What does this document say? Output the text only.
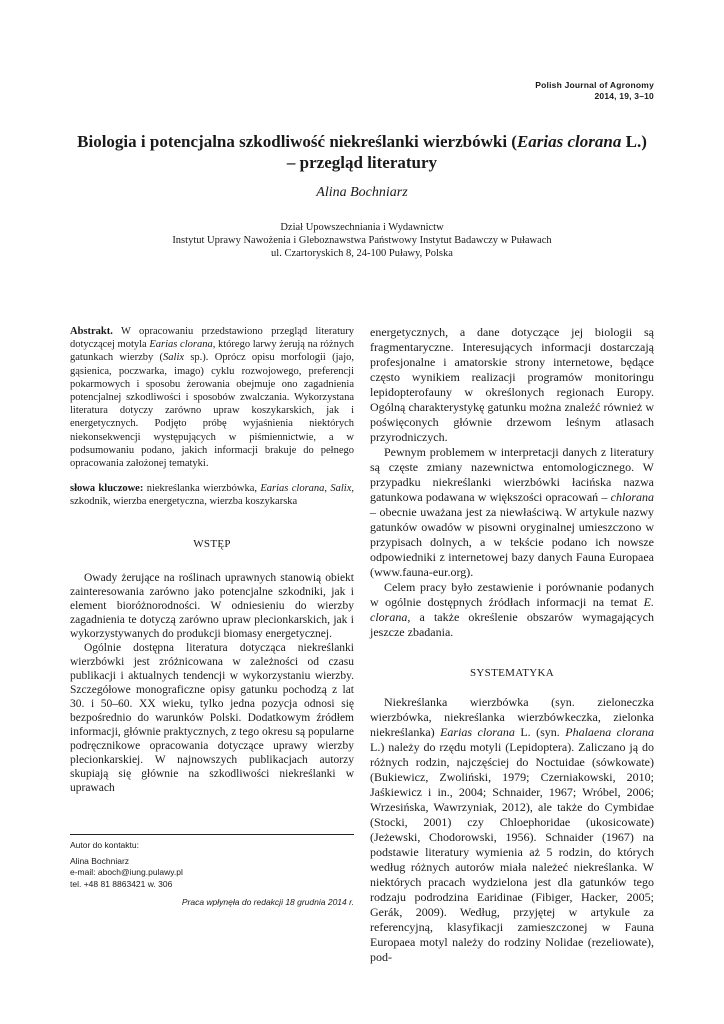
Polish Journal of Agronomy
2014, 19, 3–10
Biologia i potencjalna szkodliwość niekreślanki wierzbówki (Earias clorana L.)
– przegląd literatury
Alina Bochniarz
Dział Upowszechniania i Wydawnictw
Instytut Uprawy Nawożenia i Gleboznawstwa Państwowy Instytut Badawczy w Puławach
ul. Czartoryskich 8, 24-100 Puławy, Polska

Abstrakt. W opracowaniu przedstawiono przegląd literatury dotyczącej motyla Earias clorana, którego larwy żerują na różnych gatunkach wierzby (Salix sp.). Oprócz opisu morfologii (jajo, gąsienica, poczwarka, imago) cyklu rozwojowego, preferencji pokarmowych i sposobu żerowania obejmuje ono zagadnienia potencjalnej szkodliwości i sposobów zwalczania. Wykorzystana literatura dotyczy zarówno upraw koszykarskich, jak i energetycznych. Podjęto próbę wyjaśnienia niektórych niekonsekwencji występujących w piśmiennictwie, a w podsumowaniu podano, jakich informacji brakuje do pełnego opracowania założonej tematyki.

słowa kluczowe: niekreślanka wierzbówka, Earias clorana, Salix, szkodnik, wierzba energetyczna, wierzba koszykarska

WSTĘP

Owady żerujące na roślinach uprawnych stanowią obiekt zainteresowania zarówno jako potencjalne szkodniki, jak i element bioróżnorodności. W odniesieniu do wierzby zagadnienia te dotyczą zarówno upraw plecionkarskich, jak i wykorzystywanych do produkcji biomasy energetycznej.

Ogólnie dostępna literatura dotycząca niekreślanki wierzbówki jest zróżnicowana w zależności od czasu publikacji i aktualnych tendencji w wykorzystaniu wierzby. Szczegółowe monograficzne opisy gatunku pochodzą z lat 30. i 50–60. XX wieku, tylko jedna pozycja odnosi się bezpośrednio do warunków Polski. Dodatkowym źródłem informacji, głównie praktycznych, z tego okresu są popularne podręcznikowe opracowania dotyczące uprawy wierzby plecionkarskiej. W najnowszych publikacjach autorzy skupiają się głównie na szkodliwości niekreślanki w uprawach

Autor do kontaktu:
Alina Bochniarz
e-mail: aboch@iung.pulawy.pl
tel. +48 81 8863421 w. 306
Praca wpłynęła do redakcji 18 grudnia 2014 r.

energetycznych, a dane dotyczące jej biologii są fragmentaryczne. Interesujących informacji dostarczają profesjonalne i amatorskie strony internetowe, będące często wynikiem realizacji programów monitoringu lepidopterofauny w określonych regionach Europy. Ogólną charakterystykę gatunku można znaleźć również w poświęconych głównie drzewom leśnym atlasach przyrodniczych.

Pewnym problemem w interpretacji danych z literatury są częste zmiany nazewnictwa entomologicznego. W przypadku niekreślanki wierzbówki łacińska nazwa gatunkowa podawana w większości opracowań – chlorana – obecnie uważana jest za niewłaściwą. W artykule nazwy gatunków owadów w pisowni oryginalnej umieszczono w przypisach dolnych, a w tekście podano ich nowsze odpowiedniki z internetowej bazy danych Fauna Europaea (www.fauna-eur.org).

Celem pracy było zestawienie i porównanie podanych w ogólnie dostępnych źródłach informacji na temat E. clorana, a także określenie obszarów wymagających jeszcze zbadania.

SYSTEMATYKA

Niekreślanka wierzbówka (syn. zieloneczka wierzbówka, niekreślanka wierzbówkeczka, zielonka niekreślanka) Earias clorana L. (syn. Phalaena clorana L.) należy do rzędu motyli (Lepidoptera). Zaliczano ją do różnych rodzin, najczęściej do Noctuidae (sówkowate) (Bukiewicz, Zwoliński, 1979; Czerniakowski, 2010; Jaśkiewicz i in., 2004; Schnaider, 1967; Wróbel, 2006; Wrzesińska, Wawrzyniak, 2012), ale także do Cymbidae (Stocki, 2001) czy Chloephoridae (ukosicowate) (Jeżewski, Chodorowski, 1956). Schnaider (1967) na podstawie literatury wymienia aż 5 rodzin, do których według różnych autorów miała należeć niekreślanka. W niektórych pracach wydzielona jest dla gatunków tego rodzaju podrodzina Earidinae (Fibiger, Hacker, 2005; Gerák, 2009). Według, przyjętej w artykule za referencyjną, klasyfikacji zamieszczonej w Fauna Europaea motyl należy do rodziny Nolidae (rezeliowate), pod-
